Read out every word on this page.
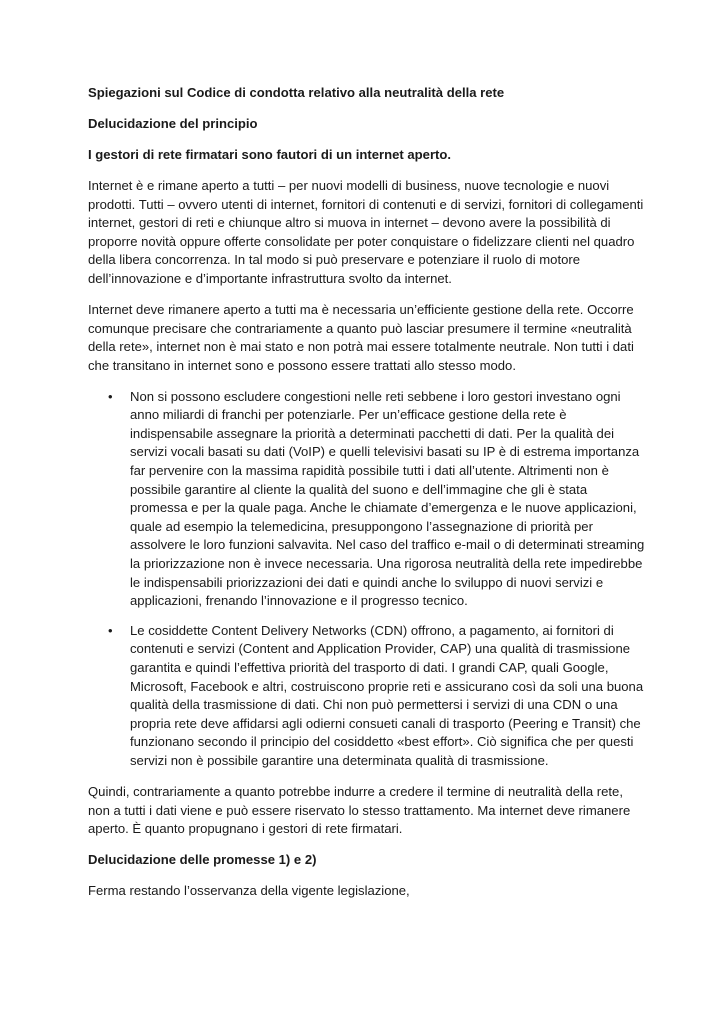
Spiegazioni sul Codice di condotta relativo alla neutralità della rete

Delucidazione del principio

I gestori di rete firmatari sono fautori di un internet aperto.

Internet è e rimane aperto a tutti – per nuovi modelli di business, nuove tecnologie e nuovi prodotti. Tutti – ovvero utenti di internet, fornitori di contenuti e di servizi, fornitori di collegamenti internet, gestori di reti e chiunque altro si muova in internet – devono avere la possibilità di proporre novità oppure offerte consolidate per poter conquistare o fidelizzare clienti nel quadro della libera concorrenza. In tal modo si può preservare e potenziare il ruolo di motore dell’innovazione e d’importante infrastruttura svolto da internet.

Internet deve rimanere aperto a tutti ma è necessaria un’efficiente gestione della rete. Occorre comunque precisare che contrariamente a quanto può lasciar presumere il termine «neutralità della rete», internet non è mai stato e non potrà mai essere totalmente neutrale. Non tutti i dati che transitano in internet sono e possono essere trattati allo stesso modo.

• Non si possono escludere congestioni nelle reti sebbene i loro gestori investano ogni anno miliardi di franchi per potenziarle. Per un’efficace gestione della rete è indispensabile assegnare la priorità a determinati pacchetti di dati. Per la qualità dei servizi vocali basati su dati (VoIP) e quelli televisivi basati su IP è di estrema importanza far pervenire con la massima rapidità possibile tutti i dati all’utente. Altrimenti non è possibile garantire al cliente la qualità del suono e dell’immagine che gli è stata promessa e per la quale paga. Anche le chiamate d’emergenza e le nuove applicazioni, quale ad esempio la telemedicina, presuppongono l’assegnazione di priorità per assolvere le loro funzioni salvavita. Nel caso del traffico e-mail o di determinati streaming la priorizzazione non è invece necessaria. Una rigorosa neutralità della rete impedirebbe le indispensabili priorizzazioni dei dati e quindi anche lo sviluppo di nuovi servizi e applicazioni, frenando l’innovazione e il progresso tecnico.
• Le cosiddette Content Delivery Networks (CDN) offrono, a pagamento, ai fornitori di contenuti e servizi (Content and Application Provider, CAP) una qualità di trasmissione garantita e quindi l’effettiva priorità del trasporto di dati. I grandi CAP, quali Google, Microsoft, Facebook e altri, costruiscono proprie reti e assicurano così da soli una buona qualità della trasmissione di dati. Chi non può permettersi i servizi di una CDN o una propria rete deve affidarsi agli odierni consueti canali di trasporto (Peering e Transit) che funzionano secondo il principio del cosiddetto «best effort». Ciò significa che per questi servizi non è possibile garantire una determinata qualità di trasmissione.

Quindi, contrariamente a quanto potrebbe indurre a credere il termine di neutralità della rete, non a tutti i dati viene e può essere riservato lo stesso trattamento. Ma internet deve rimanere aperto. È quanto propugnano i gestori di rete firmatari.

Delucidazione delle promesse 1) e 2)

Ferma restando l’osservanza della vigente legislazione,
